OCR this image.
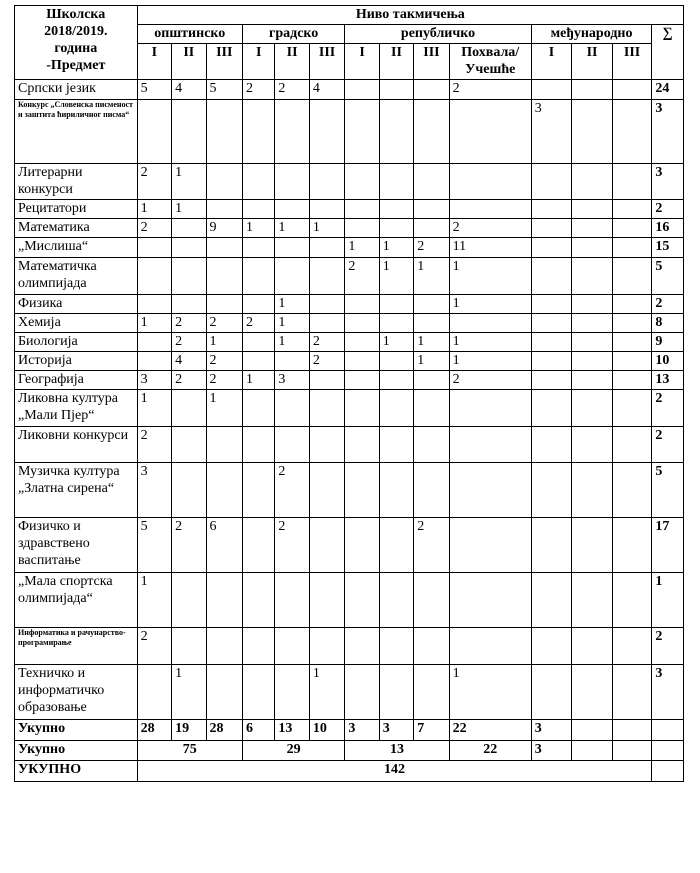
Школска
2018/2019.
година
-Предмет	Ниво такмичења													
	општинско			градско			републичко				међународно			∑
	I	II	III	I	II	III	I	II	III	Похвала/ Учешће	I	II	III	
Српски језик	5	4	5	2	2	4				2				24
Конкурс „Словенска писменост и заштита ћириличног писма“											3			3
Литерарни конкурси	2	1												3
Рецитатори	1	1												2
Математика	2		9	1	1	1				2				16
„Мислиша“							1	1	2	11				15
Математичка олимпијада							2	1	1	1				5
Физика					1					1				2
Хемија	1	2	2	2	1									8
Биологија		2	1		1	2		1	1	1				9
Историја		4	2			2			1	1				10
Географија	3	2	2	1	3					2				13
Ликовна култура „Мали Пјер“	1		1											2
Ликовни конкурси	2													2
Музичка култура „Златна сирена“	3				2									5
Физичко и здравствено васпитање	5	2	6		2				2					17
„Мала спортска олимпијада“	1													1
Информатика и рачунарство-програмирање	2													2
Техничко и информатичко образовање		1				1				1				3
Укупно	28	19	28	6	13	10	3	3	7	22	3			
Укупно	75			29			13			22	3			
УКУПНО	142													
